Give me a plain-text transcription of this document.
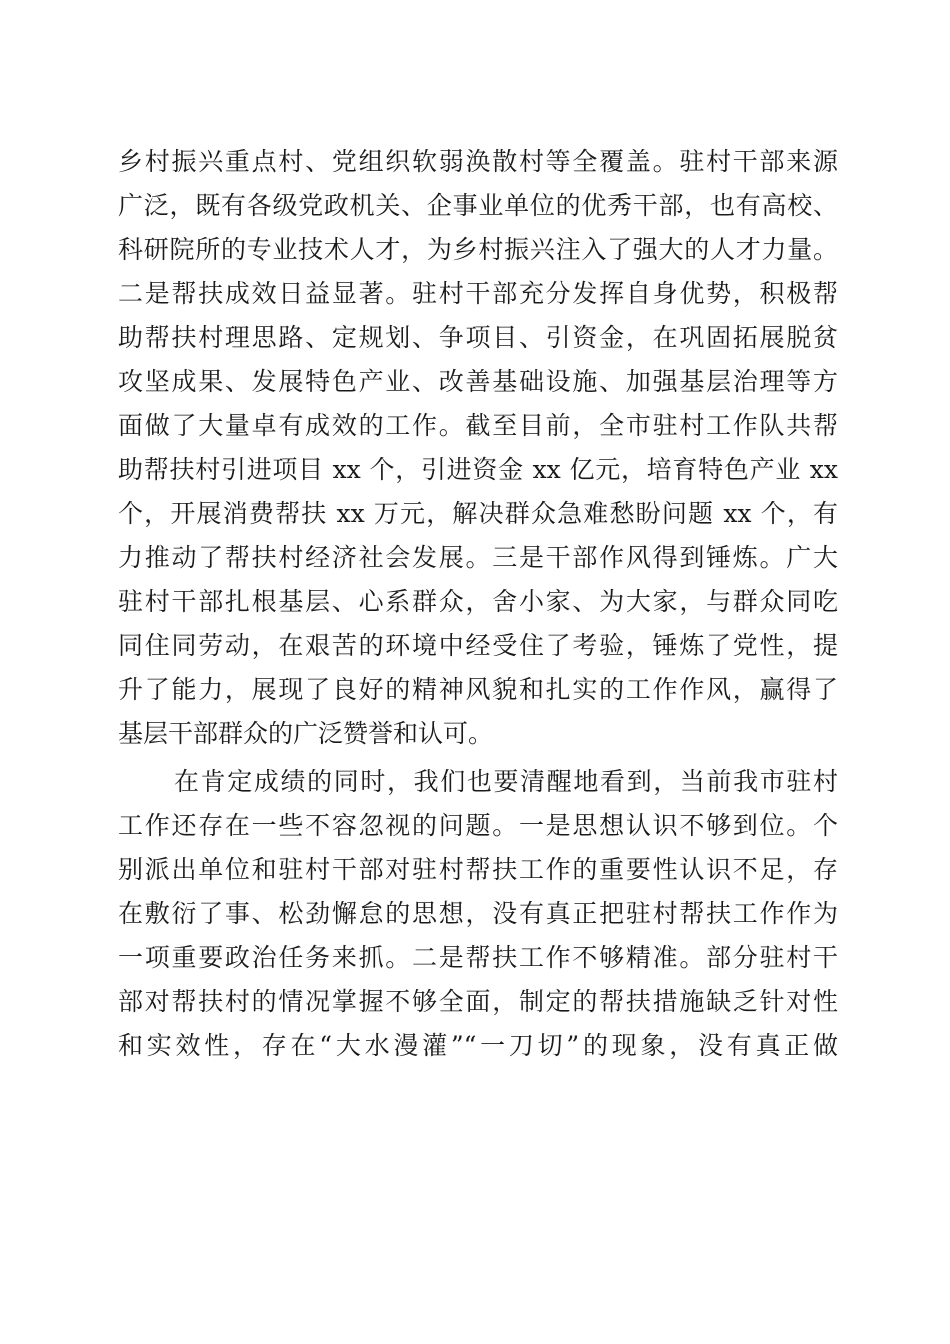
乡村振兴重点村、党组织软弱涣散村等全覆盖。驻村干部来源
广泛，既有各级党政机关、企事业单位的优秀干部，也有高校、
科研院所的专业技术人才，为乡村振兴注入了强大的人才力量。
二是帮扶成效日益显著。驻村干部充分发挥自身优势，积极帮
助帮扶村理思路、定规划、争项目、引资金，在巩固拓展脱贫
攻坚成果、发展特色产业、改善基础设施、加强基层治理等方
面做了大量卓有成效的工作。截至目前，全市驻村工作队共帮
助帮扶村引进项目 xx 个，引进资金 xx 亿元，培育特色产业 xx
个，开展消费帮扶 xx 万元，解决群众急难愁盼问题 xx 个，有
力推动了帮扶村经济社会发展。三是干部作风得到锤炼。广大
驻村干部扎根基层、心系群众，舍小家、为大家，与群众同吃
同住同劳动，在艰苦的环境中经受住了考验，锤炼了党性，提
升了能力，展现了良好的精神风貌和扎实的工作作风，赢得了
基层干部群众的广泛赞誉和认可。
在肯定成绩的同时，我们也要清醒地看到，当前我市驻村
工作还存在一些不容忽视的问题。一是思想认识不够到位。个
别派出单位和驻村干部对驻村帮扶工作的重要性认识不足，存
在敷衍了事、松劲懈怠的思想，没有真正把驻村帮扶工作作为
一项重要政治任务来抓。二是帮扶工作不够精准。部分驻村干
部对帮扶村的情况掌握不够全面，制定的帮扶措施缺乏针对性
和实效性，存在“大水漫灌”“一刀切”的现象，没有真正做
